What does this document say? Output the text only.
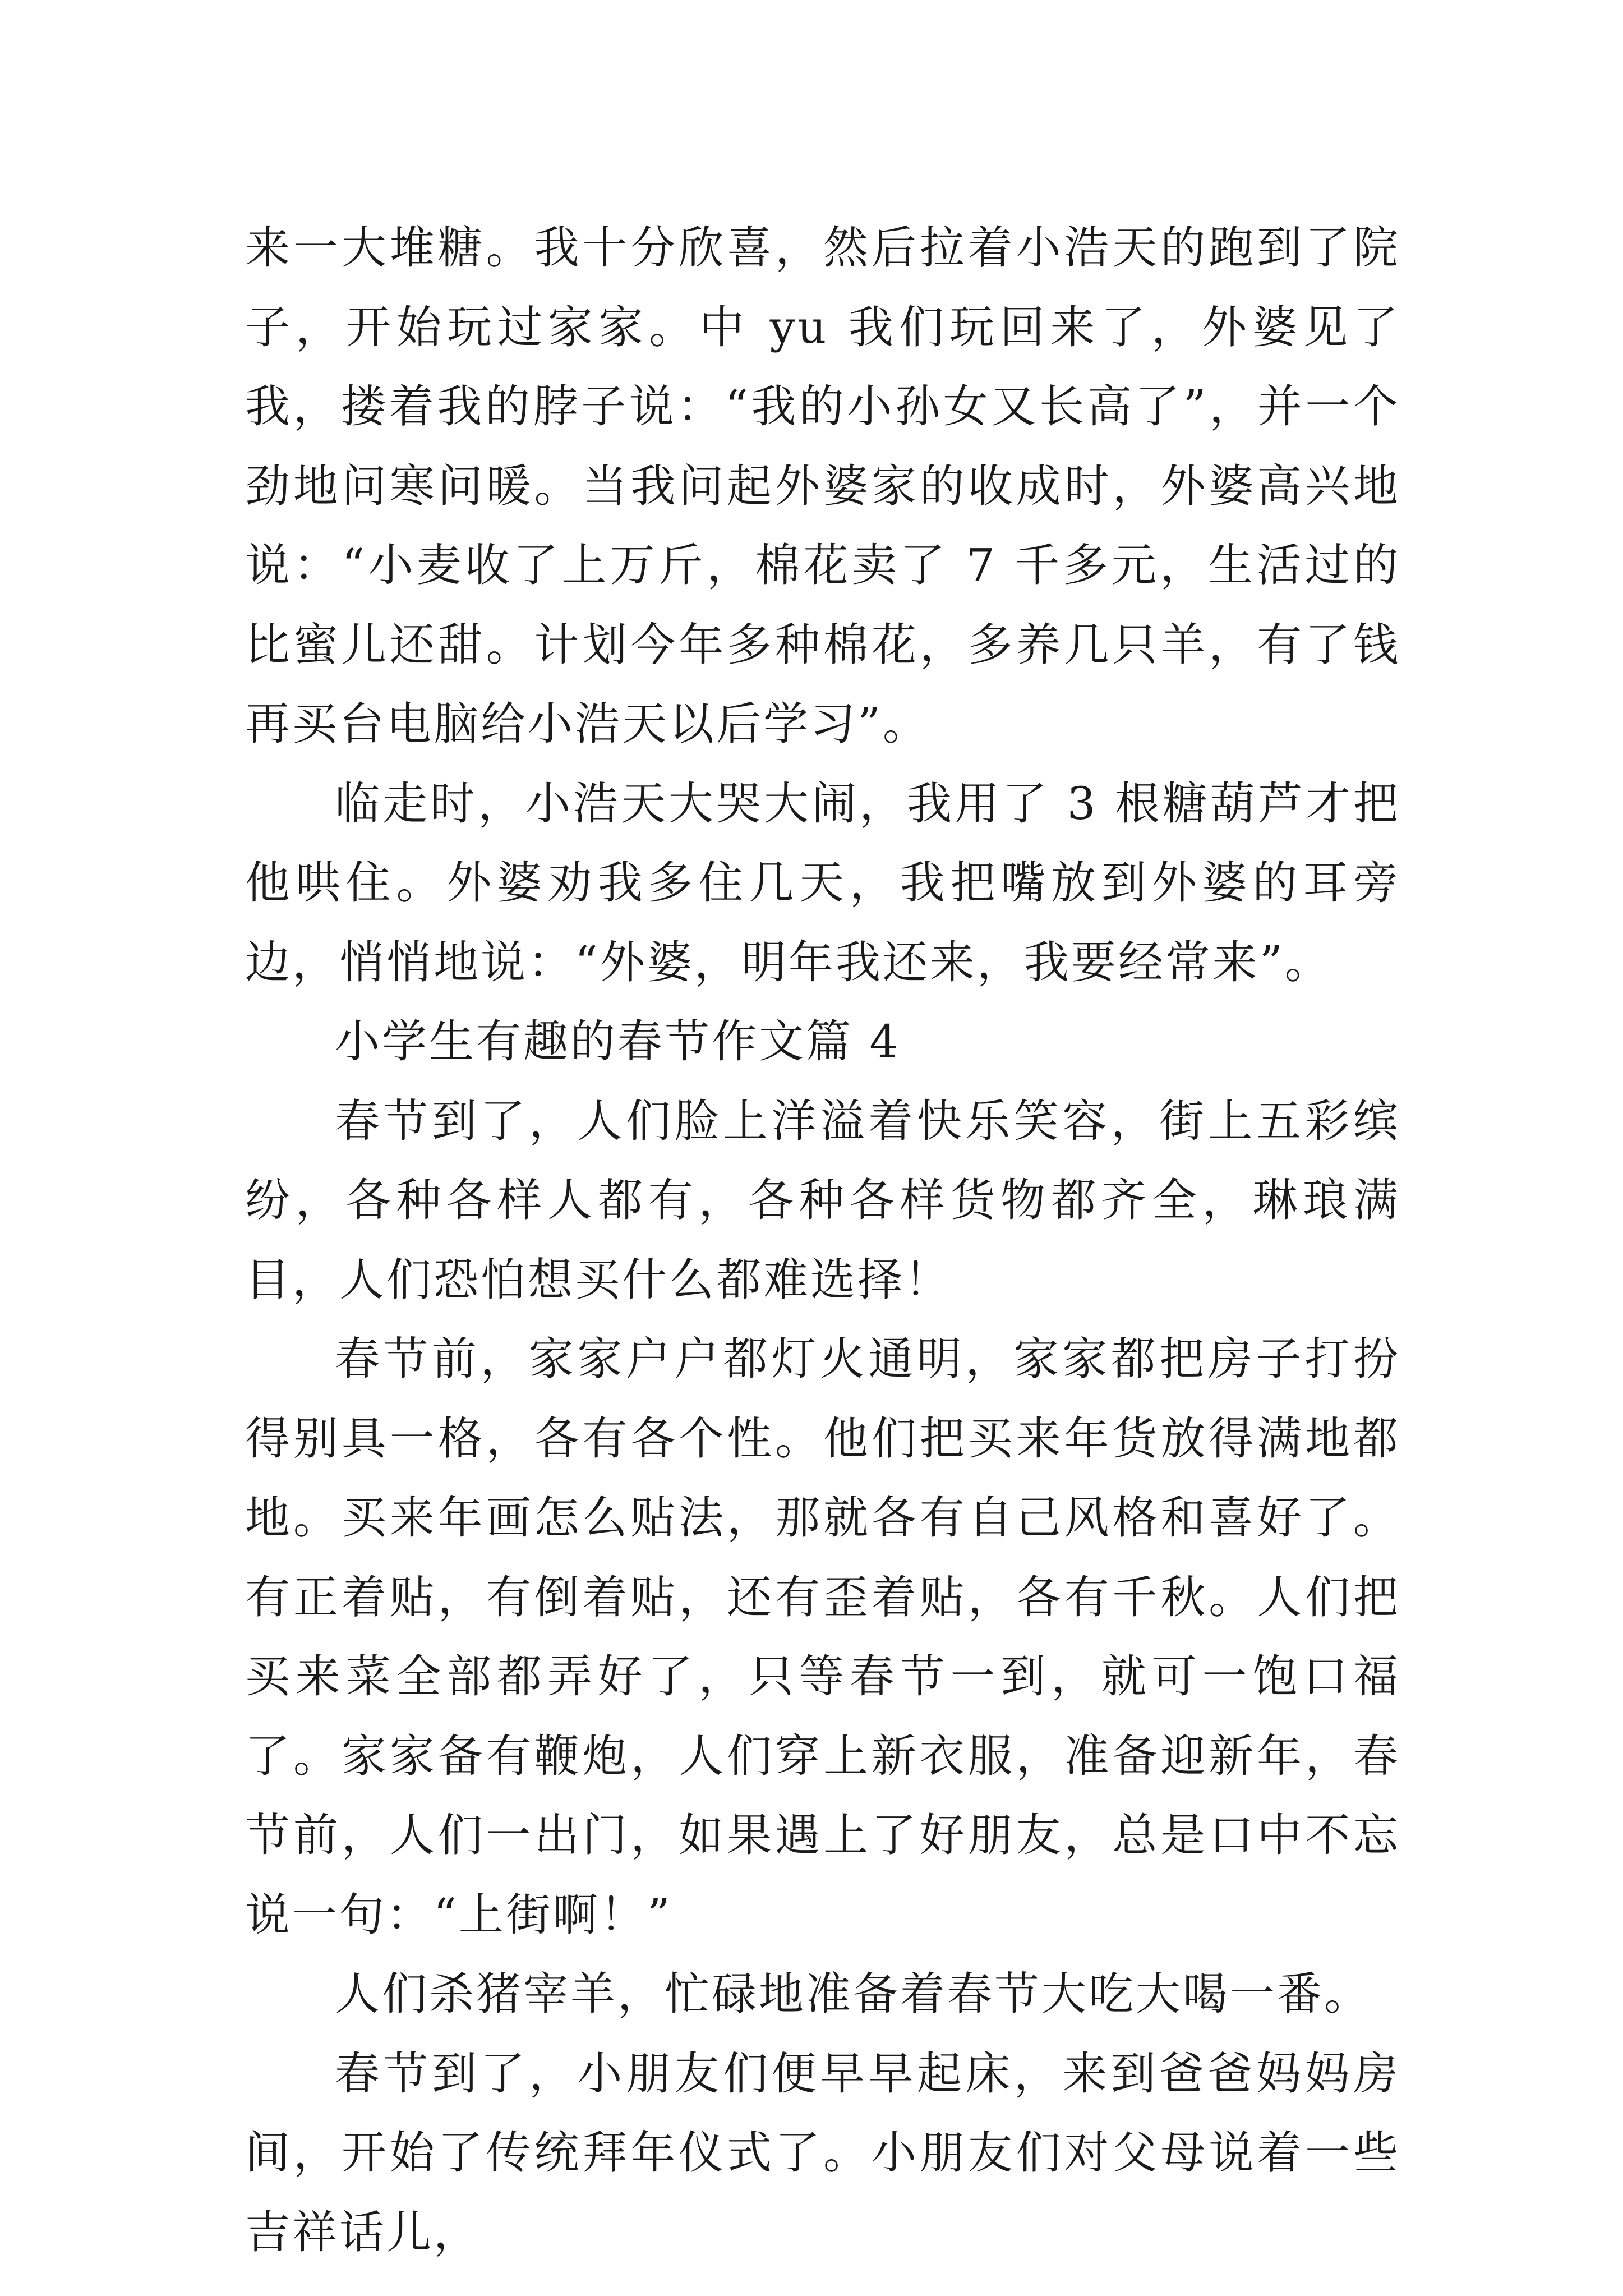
来一大堆糖。我十分欣喜，然后拉着小浩天的跑到了院子，开始玩过家家。中 yu 我们玩回来了，外婆见了我，搂着我的脖子说：“我的小孙女又长高了”，并一个劲地问寒问暖。当我问起外婆家的收成时，外婆高兴地说：“小麦收了上万斤，棉花卖了 7 千多元，生活过的比蜜儿还甜。计划今年多种棉花，多养几只羊，有了钱再买台电脑给小浩天以后学习”。

临走时，小浩天大哭大闹，我用了 3 根糖葫芦才把他哄住。外婆劝我多住几天，我把嘴放到外婆的耳旁边，悄悄地说：“外婆，明年我还来，我要经常来”。

小学生有趣的春节作文篇 4

春节到了，人们脸上洋溢着快乐笑容，街上五彩缤纷，各种各样人都有，各种各样货物都齐全，琳琅满目，人们恐怕想买什么都难选择！

春节前，家家户户都灯火通明，家家都把房子打扮得别具一格，各有各个性。他们把买来年货放得满地都地。买来年画怎么贴法，那就各有自己风格和喜好了。有正着贴，有倒着贴，还有歪着贴，各有千秋。人们把买来菜全部都弄好了，只等春节一到，就可一饱口福了。家家备有鞭炮，人们穿上新衣服，准备迎新年，春节前，人们一出门，如果遇上了好朋友，总是口中不忘说一句：“上街啊！”

人们杀猪宰羊，忙碌地准备着春节大吃大喝一番。

春节到了，小朋友们便早早起床，来到爸爸妈妈房间，开始了传统拜年仪式了。小朋友们对父母说着一些吉祥话儿，
